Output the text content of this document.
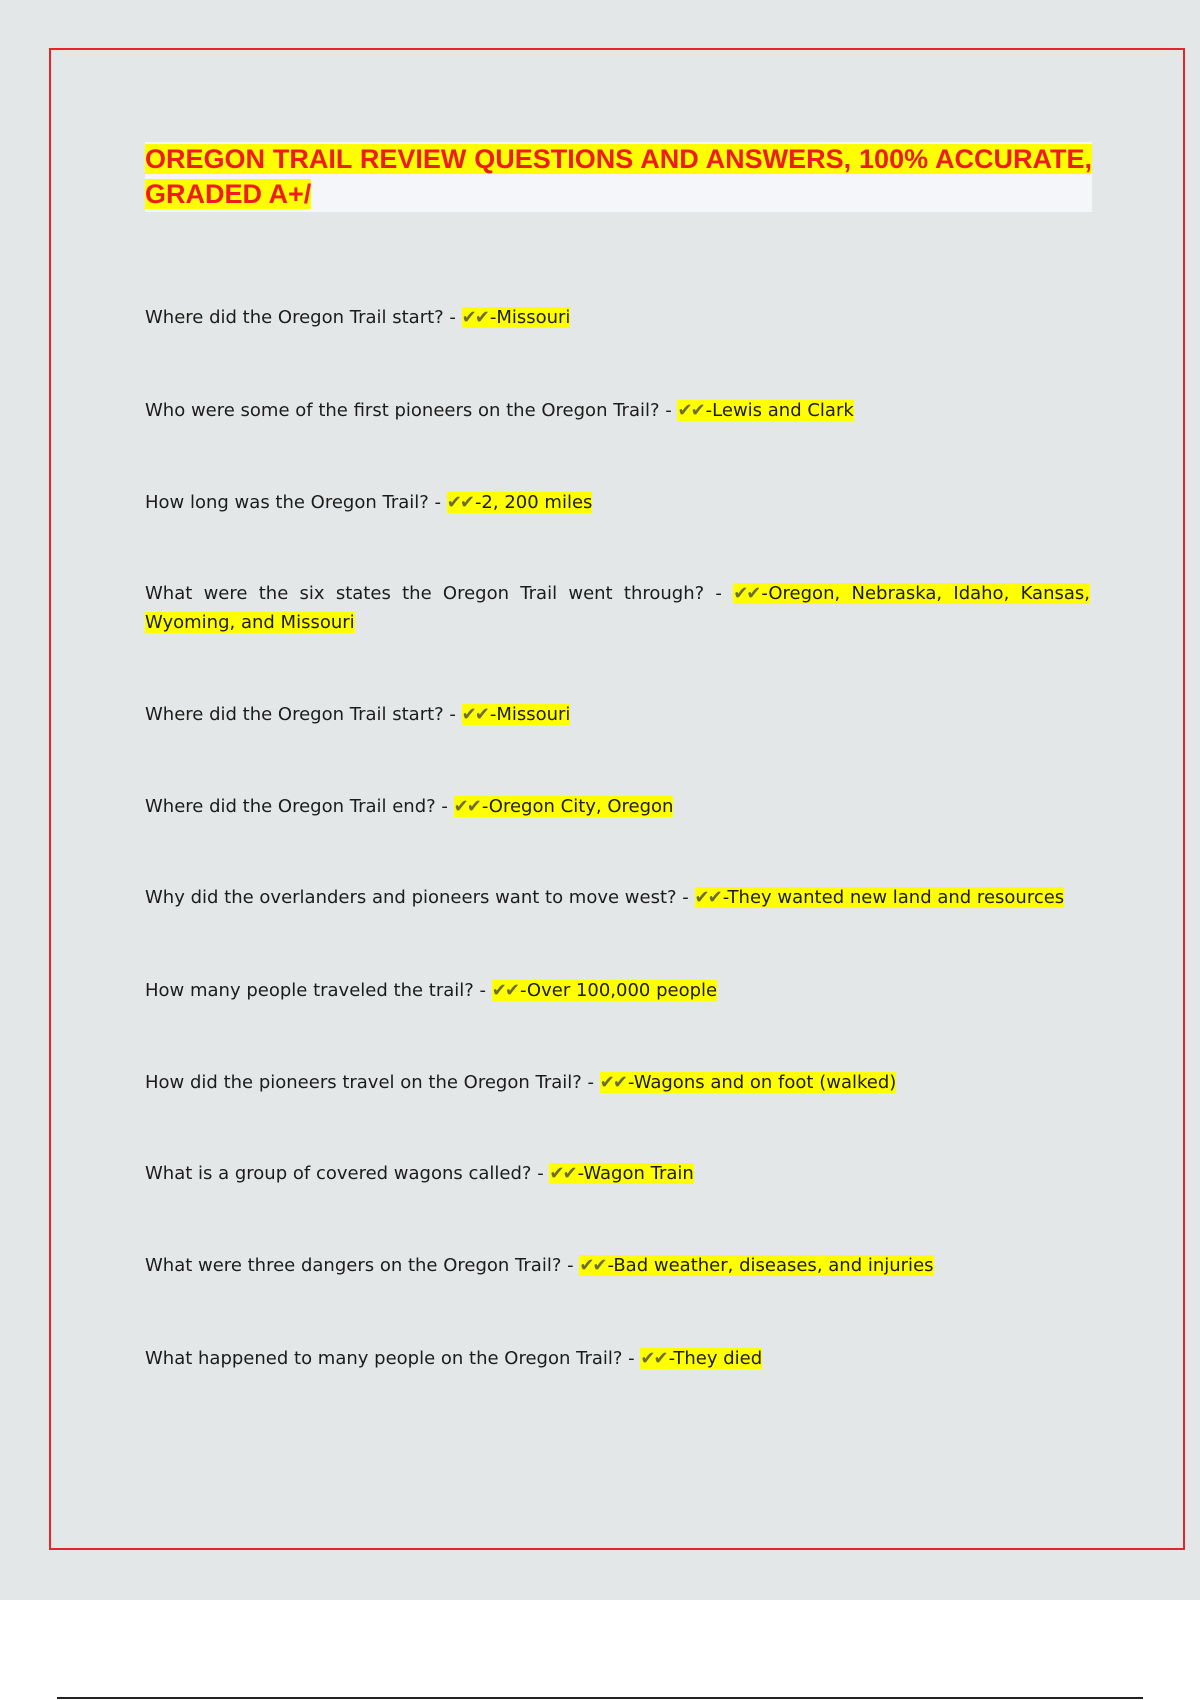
OREGON TRAIL REVIEW QUESTIONS AND ANSWERS, 100% ACCURATE, GRADED A+/
Where did the Oregon Trail start? - ✔✔ -Missouri
Who were some of the first pioneers on the Oregon Trail? - ✔✔ -Lewis and Clark
How long was the Oregon Trail? - ✔✔ -2, 200 miles
What were the six states the Oregon Trail went through? - ✔✔ -Oregon, Nebraska, Idaho, Kansas, Wyoming, and Missouri
Where did the Oregon Trail start? - ✔✔ -Missouri
Where did the Oregon Trail end? - ✔✔ -Oregon City, Oregon
Why did the overlanders and pioneers want to move west? - ✔✔ -They wanted new land and resources
How many people traveled the trail? - ✔✔ -Over 100,000 people
How did the pioneers travel on the Oregon Trail? - ✔✔ -Wagons and on foot (walked)
What is a group of covered wagons called? - ✔✔ -Wagon Train
What were three dangers on the Oregon Trail? - ✔✔ -Bad weather, diseases, and injuries
What happened to many people on the Oregon Trail? - ✔✔ -They died
